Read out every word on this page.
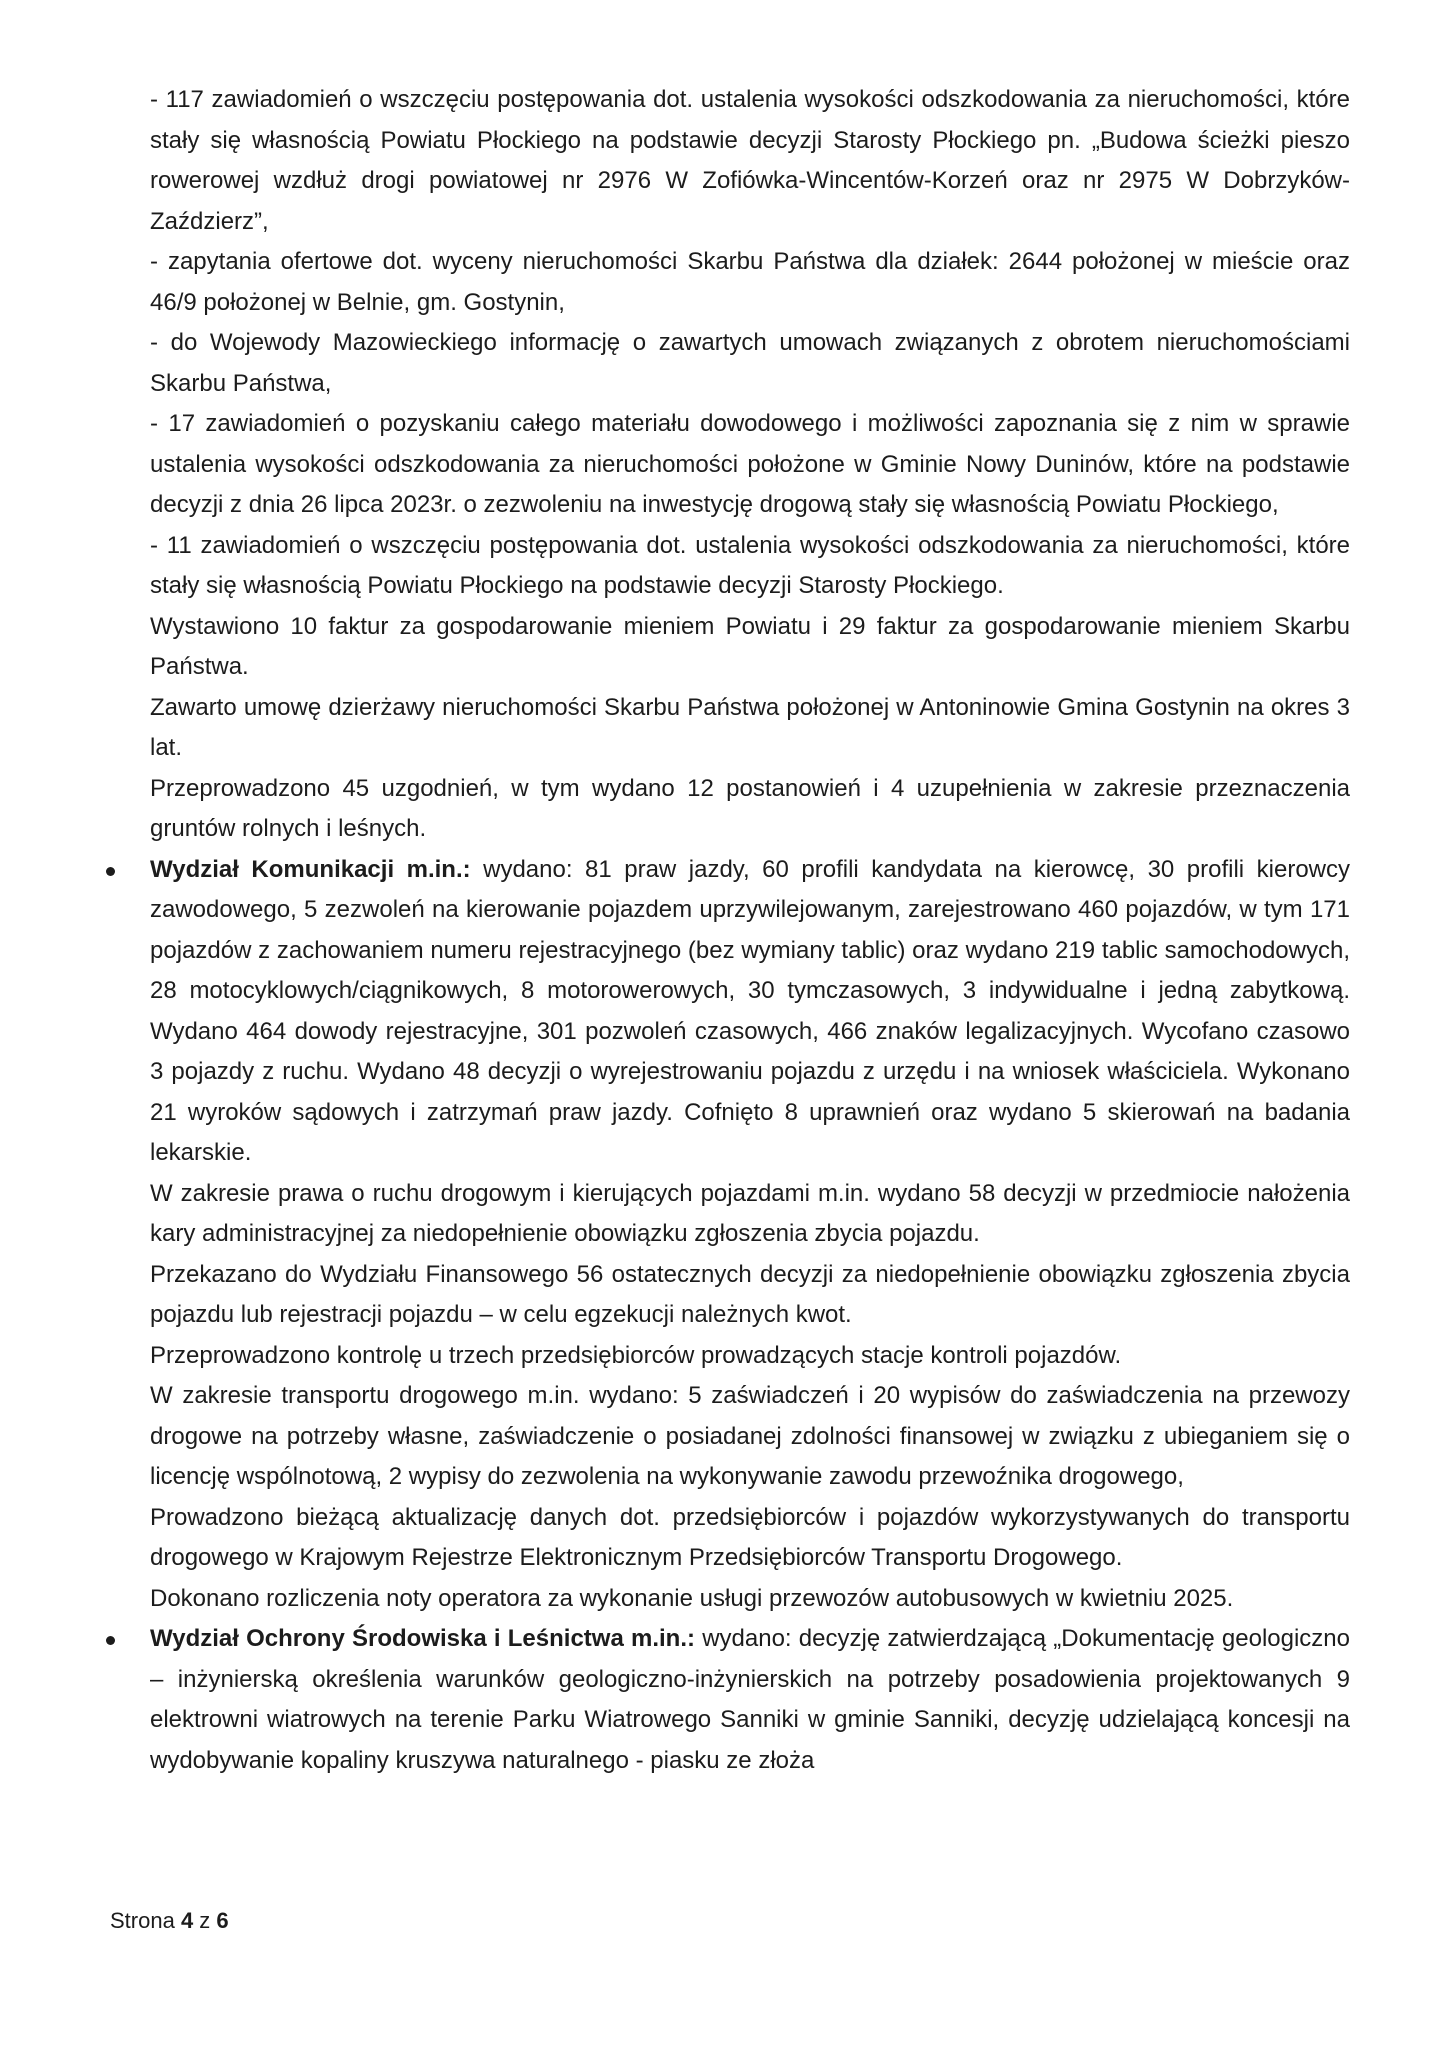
- 117 zawiadomień o wszczęciu postępowania dot. ustalenia wysokości odszkodowania za nieruchomości, które stały się własnością Powiatu Płockiego na podstawie decyzji Starosty Płockiego pn. „Budowa ścieżki pieszo rowerowej wzdłuż drogi powiatowej nr 2976 W Zofiówka-Wincentów-Korzeń oraz nr 2975 W Dobrzyków-Zaździerz”,

- zapytania ofertowe dot. wyceny nieruchomości Skarbu Państwa dla działek: 2644 położonej w mieście oraz 46/9 położonej w Belnie, gm. Gostynin,

- do Wojewody Mazowieckiego informację o zawartych umowach związanych z obrotem nieruchomościami Skarbu Państwa,

- 17 zawiadomień o pozyskaniu całego materiału dowodowego i możliwości zapoznania się z nim w sprawie ustalenia wysokości odszkodowania za nieruchomości położone w Gminie Nowy Duninów, które na podstawie decyzji z dnia 26 lipca 2023r. o zezwoleniu na inwestycję drogową stały się własnością Powiatu Płockiego,

- 11 zawiadomień o wszczęciu postępowania dot. ustalenia wysokości odszkodowania za nieruchomości, które stały się własnością Powiatu Płockiego na podstawie decyzji Starosty Płockiego.

Wystawiono 10 faktur za gospodarowanie mieniem Powiatu i 29 faktur za gospodarowanie mieniem Skarbu Państwa.

Zawarto umowę dzierżawy nieruchomości Skarbu Państwa położonej w Antoninowie Gmina Gostynin na okres 3 lat.

Przeprowadzono 45 uzgodnień, w tym wydano 12 postanowień i 4 uzupełnienia w zakresie przeznaczenia gruntów rolnych i leśnych.

Wydział Komunikacji m.in.: wydano: 81 praw jazdy, 60 profili kandydata na kierowcę, 30 profili kierowcy zawodowego, 5 zezwoleń na kierowanie pojazdem uprzywilejowanym, zarejestrowano 460 pojazdów, w tym 171 pojazdów z zachowaniem numeru rejestracyjnego (bez wymiany tablic) oraz wydano 219 tablic samochodowych, 28 motocyklowych/ciągnikowych, 8 motorowerowych, 30 tymczasowych, 3 indywidualne i jedną zabytkową. Wydano 464 dowody rejestracyjne, 301 pozwoleń czasowych, 466 znaków legalizacyjnych. Wycofano czasowo 3 pojazdy z ruchu. Wydano 48 decyzji o wyrejestrowaniu pojazdu z urzędu i na wniosek właściciela. Wykonano 21 wyroków sądowych i zatrzymań praw jazdy. Cofnięto 8 uprawnień oraz wydano 5 skierowań na badania lekarskie.

W zakresie prawa o ruchu drogowym i kierujących pojazdami m.in. wydano 58 decyzji w przedmiocie nałożenia kary administracyjnej za niedopełnienie obowiązku zgłoszenia zbycia pojazdu.

Przekazano do Wydziału Finansowego 56 ostatecznych decyzji za niedopełnienie obowiązku zgłoszenia zbycia pojazdu lub rejestracji pojazdu – w celu egzekucji należnych kwot.

Przeprowadzono kontrolę u trzech przedsiębiorców prowadzących stacje kontroli pojazdów.

W zakresie transportu drogowego m.in. wydano: 5 zaświadczeń i 20 wypisów do zaświadczenia na przewozy drogowe na potrzeby własne, zaświadczenie o posiadanej zdolności finansowej w związku z ubieganiem się o licencję wspólnotową, 2 wypisy do zezwolenia na wykonywanie zawodu przewoźnika drogowego,

Prowadzono bieżącą aktualizację danych dot. przedsiębiorców i pojazdów wykorzystywanych do transportu drogowego w Krajowym Rejestrze Elektronicznym Przedsiębiorców Transportu Drogowego.

Dokonano rozliczenia noty operatora za wykonanie usługi przewozów autobusowych w kwietniu 2025.

Wydział Ochrony Środowiska i Leśnictwa m.in.: wydano: decyzję zatwierdzającą „Dokumentację geologiczno – inżynierską określenia warunków geologiczno-inżynierskich na potrzeby posadowienia projektowanych 9 elektrowni wiatrowych na terenie Parku Wiatrowego Sanniki w gminie Sanniki, decyzję udzielającą koncesji na wydobywanie kopaliny kruszywa naturalnego - piasku ze złoża

Strona 4 z 6
